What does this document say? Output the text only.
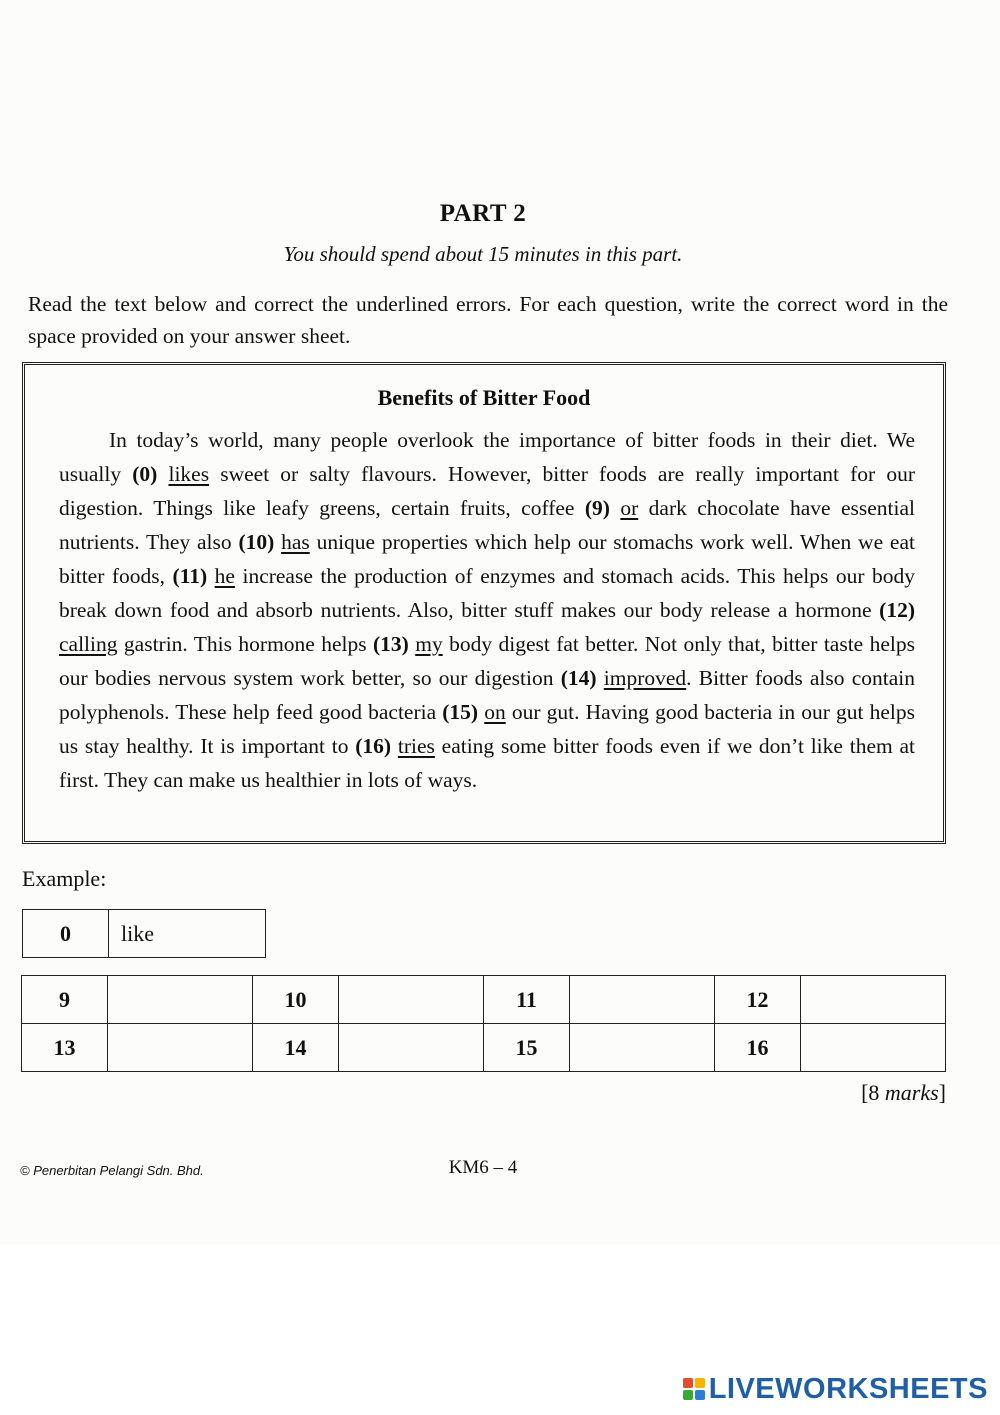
PART 2
You should spend about 15 minutes in this part.
Read the text below and correct the underlined errors. For each question, write the correct word in the space provided on your answer sheet.
Benefits of Bitter Food
In today’s world, many people overlook the importance of bitter foods in their diet. We usually (0) likes sweet or salty flavours. However, bitter foods are really important for our digestion. Things like leafy greens, certain fruits, coffee (9) or dark chocolate have essential nutrients. They also (10) has unique properties which help our stomachs work well. When we eat bitter foods, (11) he increase the production of enzymes and stomach acids. This helps our body break down food and absorb nutrients. Also, bitter stuff makes our body release a hormone (12) calling gastrin. This hormone helps (13) my body digest fat better. Not only that, bitter taste helps our bodies nervous system work better, so our digestion (14) improved. Bitter foods also contain polyphenols. These help feed good bacteria (15) on our gut. Having good bacteria in our gut helps us stay healthy. It is important to (16) tries eating some bitter foods even if we don’t like them at first. They can make us healthier in lots of ways.
Example:
0	like
9		10		11		12	
13		14		15		16	
[8 marks]
© Penerbitan Pelangi Sdn. Bhd.	KM6 – 4
LIVEWORKSHEETS
